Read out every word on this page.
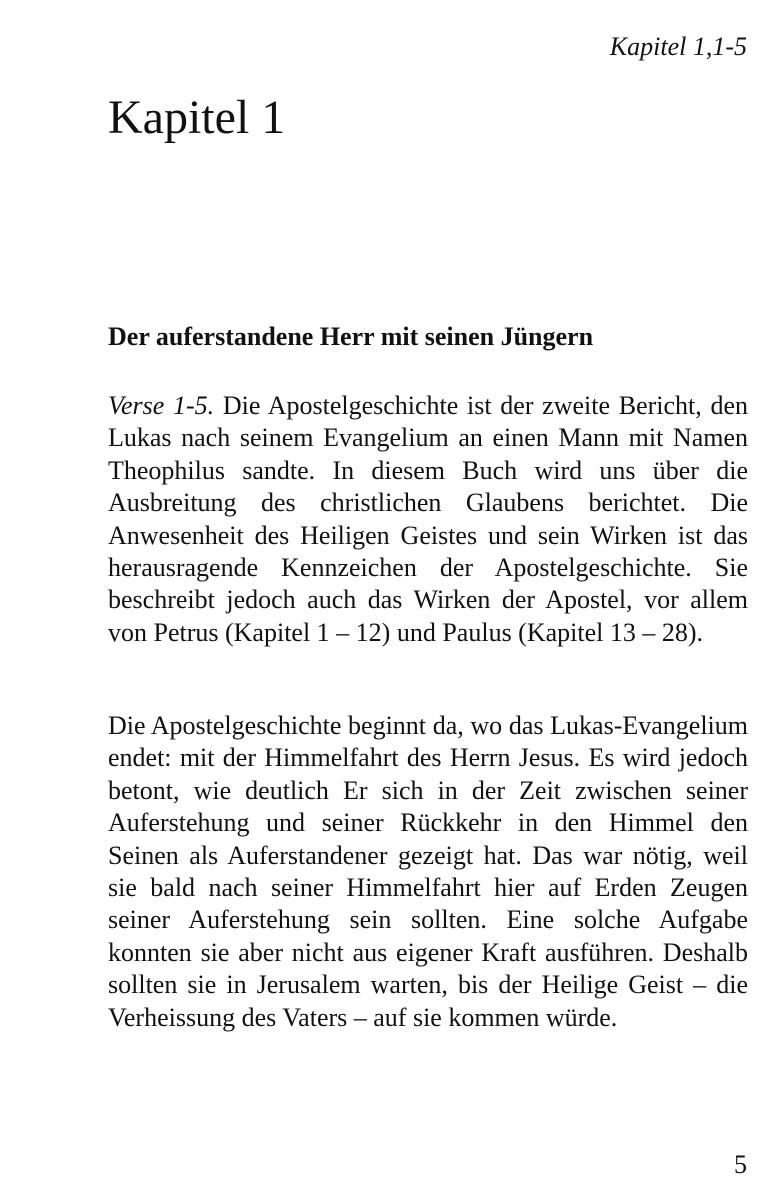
Kapitel 1,1-5
Kapitel 1
Der auferstandene Herr mit seinen Jüngern

Verse 1-5. Die Apostelgeschichte ist der zweite Bericht, den Lukas nach seinem Evangelium an einen Mann mit Namen Theophilus sandte. In diesem Buch wird uns über die Ausbreitung des christlichen Glaubens berichtet. Die Anwesenheit des Heiligen Geistes und sein Wirken ist das herausragende Kennzeichen der Apostelgeschichte. Sie beschreibt jedoch auch das Wirken der Apostel, vor allem von Petrus (Kapitel 1 – 12) und Paulus (Kapitel 13 – 28).

Die Apostelgeschichte beginnt da, wo das Lukas-Evangelium endet: mit der Himmelfahrt des Herrn Jesus. Es wird jedoch betont, wie deutlich Er sich in der Zeit zwischen seiner Auferstehung und seiner Rückkehr in den Himmel den Seinen als Auferstandener gezeigt hat. Das war nötig, weil sie bald nach seiner Himmelfahrt hier auf Erden Zeugen seiner Auferstehung sein sollten. Eine solche Aufgabe konnten sie aber nicht aus eigener Kraft ausführen. Deshalb sollten sie in Jerusalem warten, bis der Heilige Geist – die Verheissung des Vaters – auf sie kommen würde.

5
